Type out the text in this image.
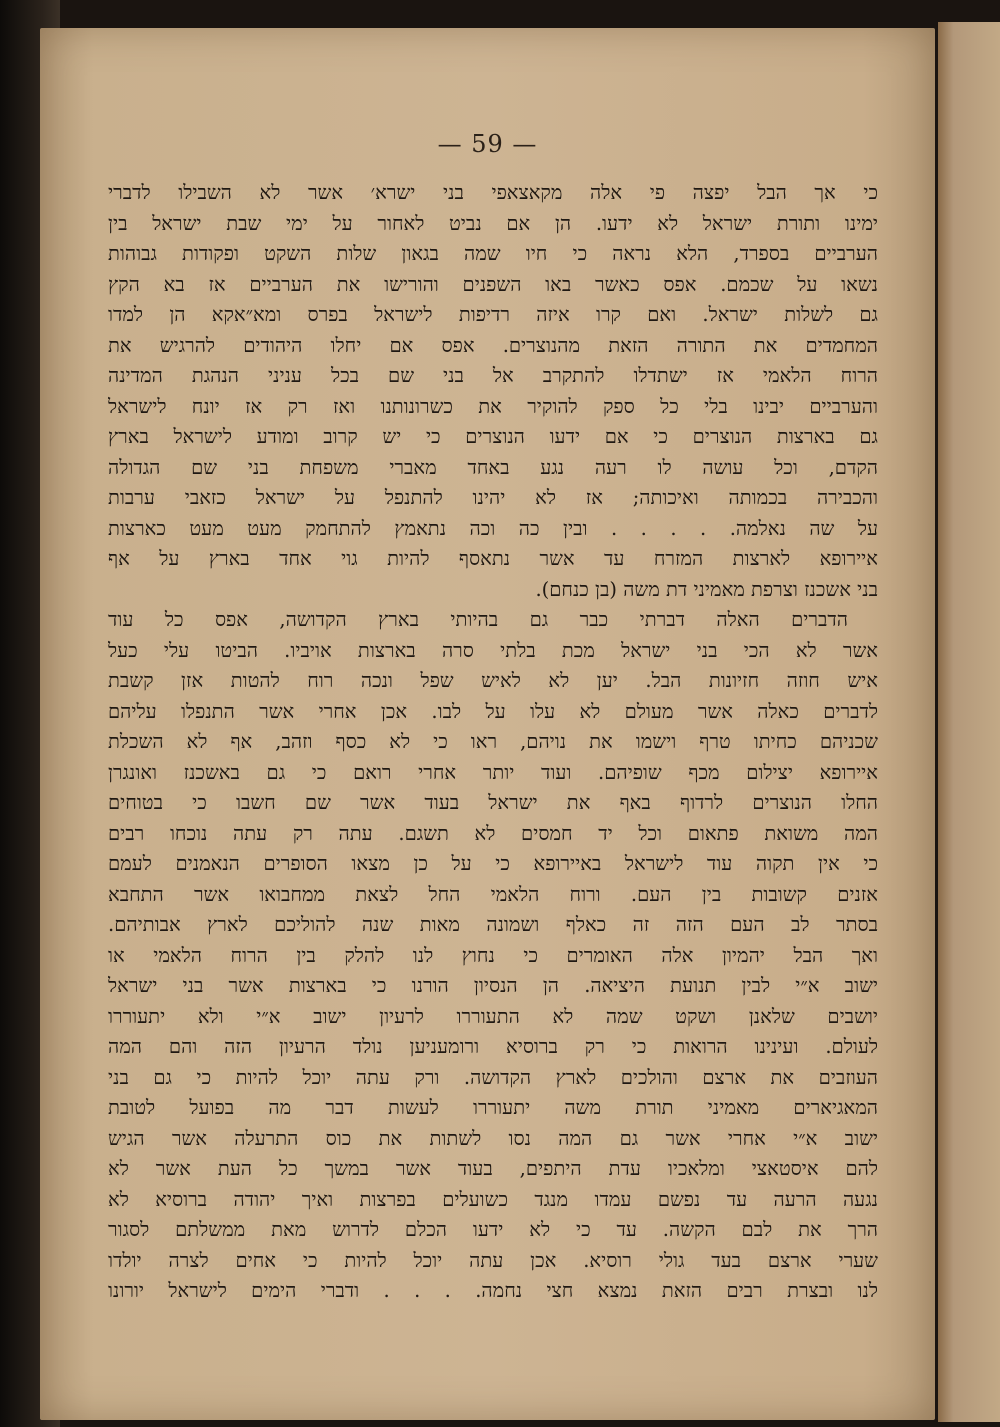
— 59 —
כי אך הבל יפצה פי אלה מקאצאפי בני ישרא׳ אשר לא השבילו לדברי
ימינו ותורת ישראל לא ידעו. הן אם נביט לאחור על ימי שבת ישראל בין
הערביים בספרד, הלא נראה כי חיו שמה בגאון שלות השקט ופקודות גבוהות
נשאו על שכמם. אפס כאשר באו השפנים והורישו את הערביים אז בא הקץ
גם לשלות ישראל. ואם קרו איזה רדיפות לישראל בפרס ומא״אקא הן למדו
המחמדים את התורה הזאת מהנוצרים. אפס אם יחלו היהודים להרגיש את
הרוח הלאמי אז ישתדלו להתקרב אל בני שם בכל עניני הנהגת המדינה
והערביים יבינו בלי כל ספק להוקיר את כשרונותנו ואז רק אז יונח לישראל
גם בארצות הנוצרים כי אם ידעו הנוצרים כי יש קרוב ומודע לישראל בארץ
הקדם, וכל עושה לו רעה נגע באחד מאברי משפחת בני שם הגדולה
והכבירה בכמותה ואיכותה; אז לא יהינו להתנפל על ישראל כזאבי ערבות
על שה נאלמה. . . . . ובין כה וכה נתאמץ להתחמק מעט מעט כארצות
איירופא לארצות המזרח עד אשר נתאסף להיות גוי אחד בארץ על אף
בני אשכנז וצרפת מאמיני דת משה (בן כנחם).
הדברים האלה דברתי כבר גם בהיותי בארץ הקדושה, אפס כל עוד
אשר לא הכי בני ישראל מכת בלתי סרה בארצות אויביו. הביטו עלי כעל
איש חוזה חזיונות הבל. יען לא לאיש שפל ונכה רוח להטות אזן קשבת
לדברים כאלה אשר מעולם לא עלו על לבו. אכן אחרי אשר התנפלו עליהם
שכניהם כחיתו טרף וישמו את נויהם, ראו כי לא כסף וזהב, אף לא השכלת
איירופא יצילום מכף שופיהם. ועוד יותר אחרי רואם כי גם באשכנז ואונגרן
החלו הנוצרים לרדוף באף את ישראל בעוד אשר שם חשבו כי בטוחים
המה משואת פתאום וכל יד חמסים לא תשגם. עתה רק עתה נוכחו רבים
כי אין תקוה עוד לישראל באיירופא כי על כן מצאו הסופרים הנאמנים לעמם
אזנים קשובות בין העם. ורוח הלאמי החל לצאת ממחבואו אשר התחבא
בסתר לב העם הזה זה כאלף ושמונה מאות שנה להוליכם לארץ אבותיהם.
ואך הבל יהמיון אלה האומרים כי נחוץ לנו להלק בין הרוח הלאמי או
ישוב א״י לבין תנועת היציאה. הן הנסיון הורנו כי בארצות אשר בני ישראל
יושבים שלאנן ושקט שמה לא התעוררו לרעיון ישוב א״י ולא יתעוררו
לעולם. ועינינו הרואות כי רק ברוסיא ורומעניען נולד הרעיון הזה והם המה
העוזבים את ארצם והולכים לארץ הקדושה. ורק עתה יוכל להיות כי גם בני
המאגיארים מאמיני תורת משה יתעוררו לעשות דבר מה בפועל לטובת
ישוב א״י אחרי אשר גם המה נסו לשתות את כוס התרעלה אשר הגיש
להם איסטאצי ומלאכיו עדת היתפים, בעוד אשר במשך כל העת אשר לא
נגעה הרעה עד נפשם עמדו מנגד כשועלים בפרצות ואיך יהודה ברוסיא לא
הרך את לבם הקשה. עד כי לא ידעו הכלם לדרוש מאת ממשלתם לסגור
שערי ארצם בעד גולי רוסיא. אכן עתה יוכל להיות כי אחים לצרה יולדו
לנו ובצרת רבים הזאת נמצא חצי נחמה. . . . ודברי הימים לישראל יורונו
